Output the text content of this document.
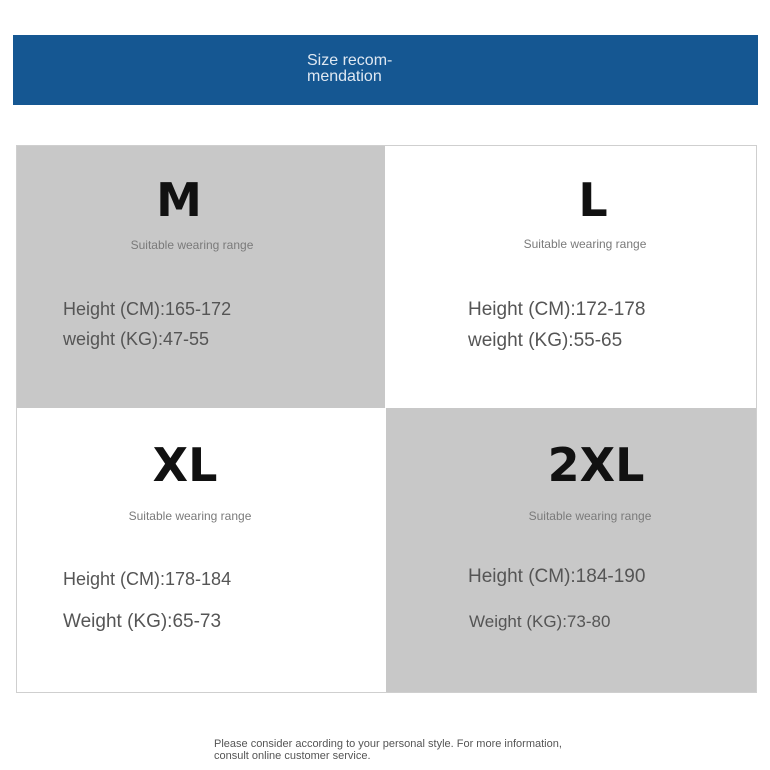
Size recom-
mendation
M
Suitable wearing range
Height (CM):165-172
weight (KG):47-55
L
Suitable wearing range
Height (CM):172-178
weight (KG):55-65
XL
Suitable wearing range
Height (CM):178-184
Weight (KG):65-73
2XL
Suitable wearing range
Height (CM):184-190
Weight (KG):73-80
Please consider according to your personal style. For more information, consult online customer service.
